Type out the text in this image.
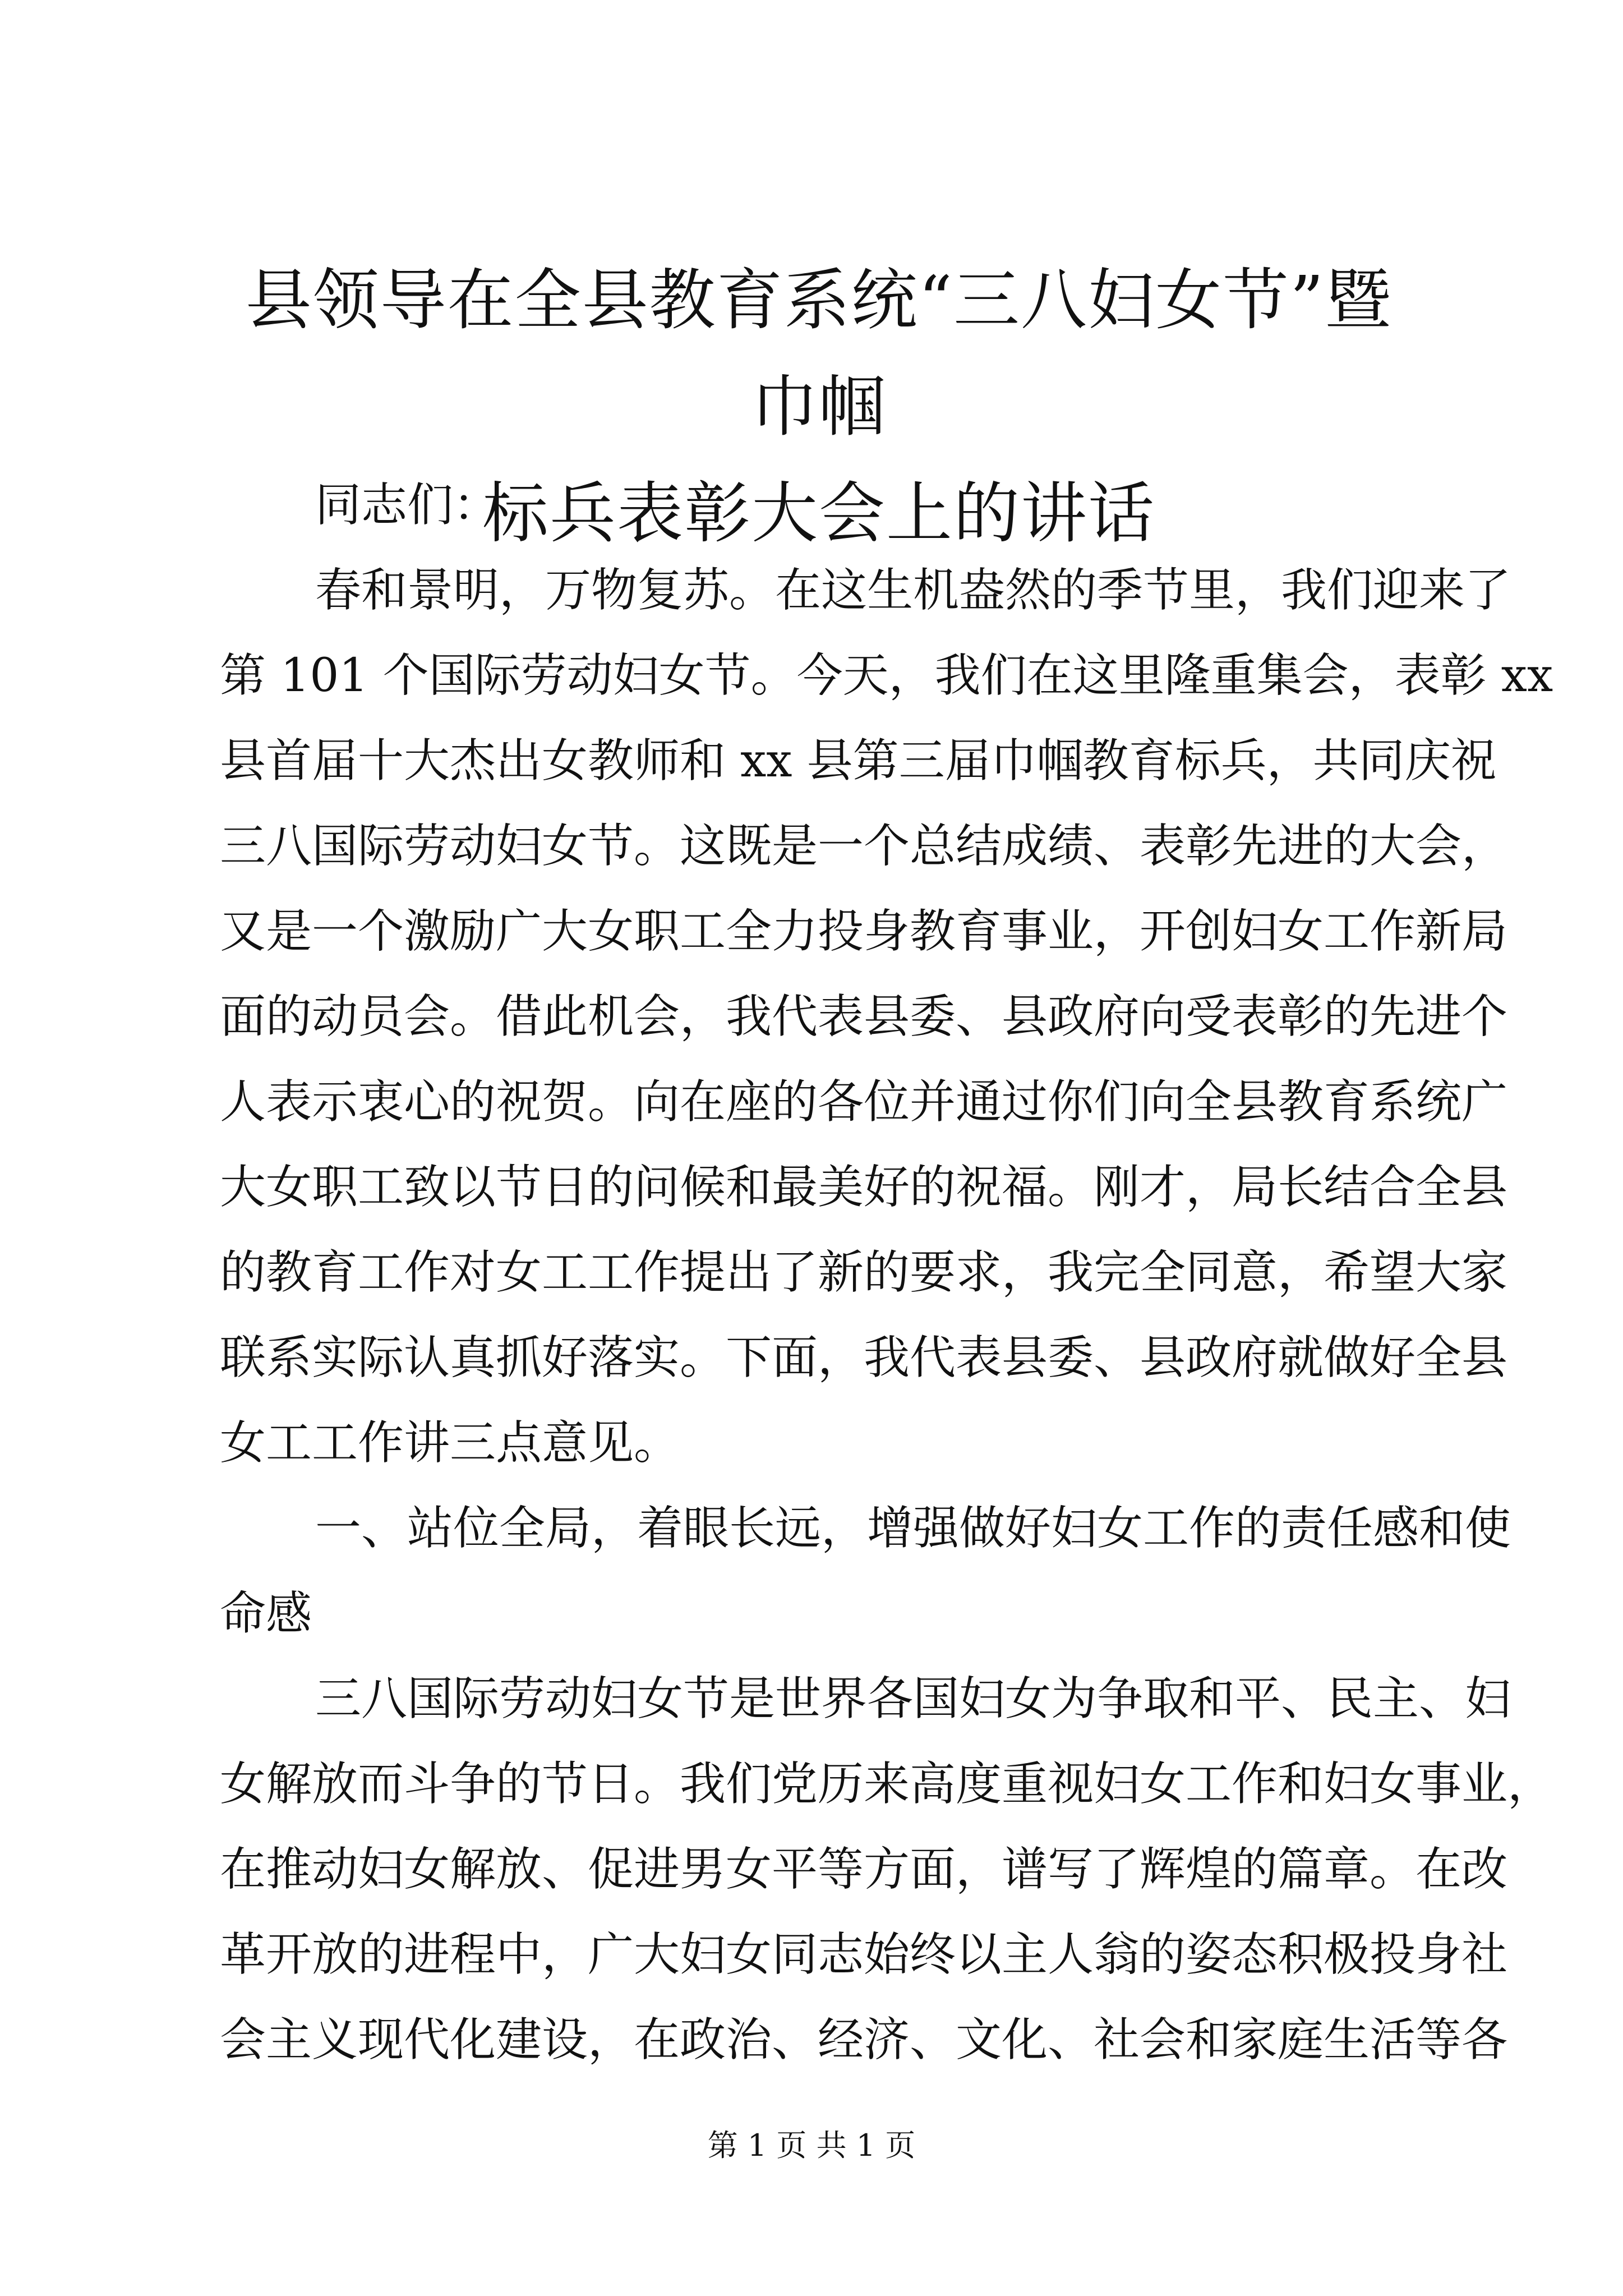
县领导在全县教育系统“三八妇女节”暨巾帼
标兵表彰大会上的讲话
同志们：
春和景明，万物复苏。在这生机盎然的季节里，我们迎来了
第 101 个国际劳动妇女节。今天，我们在这里隆重集会，表彰 xx
县首届十大杰出女教师和 xx 县第三届巾帼教育标兵，共同庆祝
三八国际劳动妇女节。这既是一个总结成绩、表彰先进的大会，
又是一个激励广大女职工全力投身教育事业，开创妇女工作新局
面的动员会。借此机会，我代表县委、县政府向受表彰的先进个
人表示衷心的祝贺。向在座的各位并通过你们向全县教育系统广
大女职工致以节日的问候和最美好的祝福。刚才，局长结合全县
的教育工作对女工工作提出了新的要求，我完全同意，希望大家
联系实际认真抓好落实。下面，我代表县委、县政府就做好全县
女工工作讲三点意见。
一、站位全局，着眼长远，增强做好妇女工作的责任感和使
命感
三八国际劳动妇女节是世界各国妇女为争取和平、民主、妇
女解放而斗争的节日。我们党历来高度重视妇女工作和妇女事业，
在推动妇女解放、促进男女平等方面，谱写了辉煌的篇章。在改
革开放的进程中，广大妇女同志始终以主人翁的姿态积极投身社
会主义现代化建设，在政治、经济、文化、社会和家庭生活等各
第 1 页 共 1 页
